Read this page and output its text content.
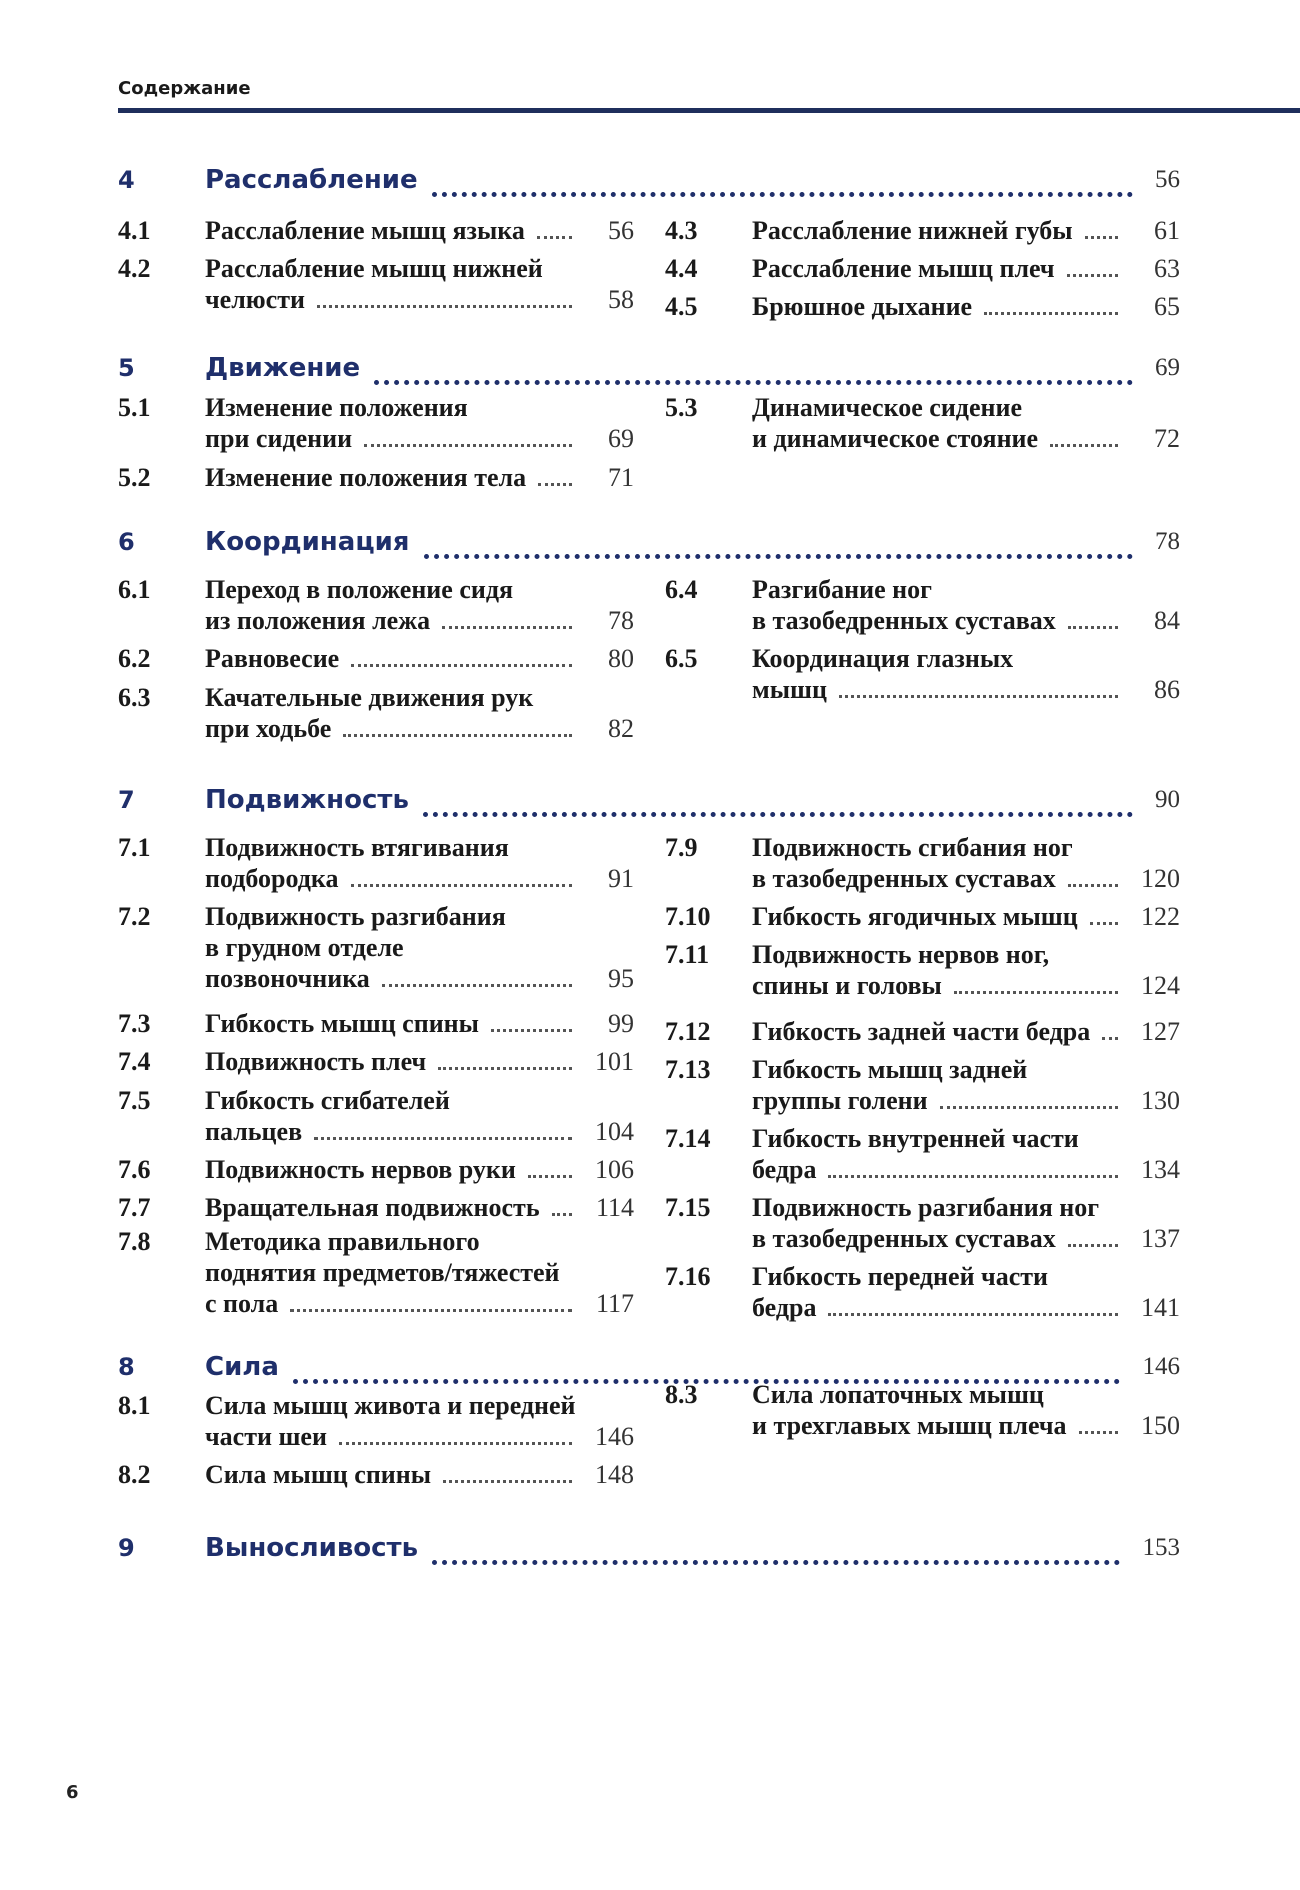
Содержание
4	Расслабление	56
4.1 Расслабление мышц языка	56
4.2 Расслабление мышц нижней
челюсти	58
4.3 Расслабление нижней губы	61
4.4 Расслабление мышц плеч	63
4.5 Брюшное дыхание	65
5	Движение	69
5.1 Изменение положения
при сидении	69
5.2 Изменение положения тела	71
5.3 Динамическое сидение
и динамическое стояние	72
6	Координация	78
6.1 Переход в положение сидя
из положения лежа	78
6.2 Равновесие	80
6.3 Качательные движения рук
при ходьбе	82
6.4 Разгибание ног
в тазобедренных суставах	84
6.5 Координация глазных
мышц	86
7	Подвижность	90
7.1 Подвижность втягивания
подбородка	91
7.2 Подвижность разгибания
в грудном отделе
позвоночника	95
7.3 Гибкость мышц спины	99
7.4 Подвижность плеч	101
7.5 Гибкость сгибателей
пальцев	104
7.6 Подвижность нервов руки	106
7.7 Вращательная подвижность 114
7.8 Методика правильного
поднятия предметов/тяжестей
с пола	117
7.9 Подвижность сгибания ног
в тазобедренных суставах	120
7.10 Гибкость ягодичных мышц 122
7.11 Подвижность нервов ног,
спины и головы	124
7.12 Гибкость задней части бедра 127
7.13 Гибкость мышц задней
группы голени	130
7.14 Гибкость внутренней части
бедра	134
7.15 Подвижность разгибания ног
в тазобедренных суставах	137
7.16 Гибкость передней части
бедра	141
8	Сила	146
8.1 Сила мышц живота и передней
части шеи	146
8.2 Сила мышц спины	148
8.3 Сила лопаточных мышц
и трехглавых мышц плеча	150
9	Выносливость	153
6
